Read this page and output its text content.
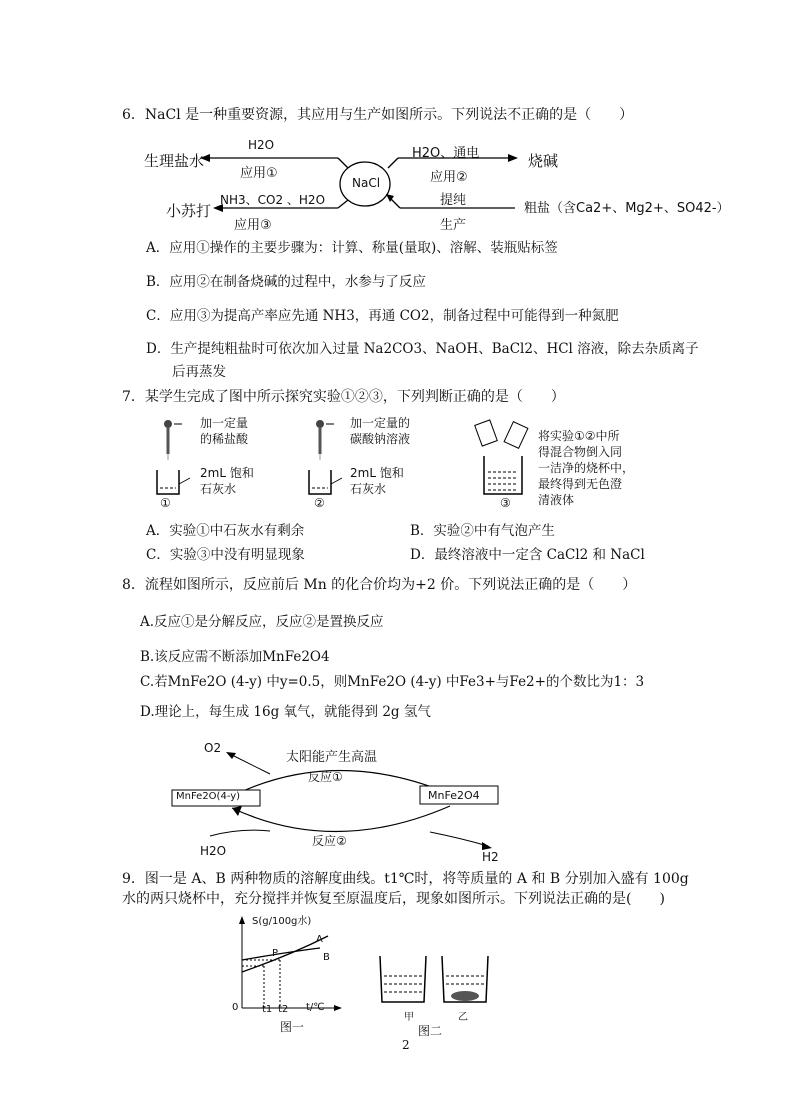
6．NaCl 是一种重要资源，其应用与生产如图所示。下列说法不正确的是（　　）
生理盐水
H2O
应用①
NaCl
小苏打
NH3、CO2 、H2O
应用③
H2O、通电
应用②
烧碱
提纯
生产
粗盐（含Ca2+、Mg2+、SO42-）
A．应用①操作的主要步骤为：计算、称量(量取)、溶解、装瓶贴标签
B．应用②在制备烧碱的过程中，水参与了反应
C．应用③为提高产率应先通 NH3，再通 CO2，制备过程中可能得到一种氮肥
D．生产提纯粗盐时可依次加入过量 Na2CO3、NaOH、BaCl2、HCl 溶液，除去杂质离子
后再蒸发
7．某学生完成了图中所示探究实验①②③，下列判断正确的是（　　）
加一定量
的稀盐酸
2mL 饱和
石灰水
①
加一定量的
碳酸钠溶液
2mL 饱和
石灰水
②
将实验①②中所
得混合物倒入同
一洁净的烧杯中，
最终得到无色澄
清液体
③
A．实验①中石灰水有剩余	B．实验②中有气泡产生
C．实验③中没有明显现象	D．最终溶液中一定含 CaCl2 和 NaCl
8．流程如图所示，反应前后 Mn 的化合价均为+2 价。下列说法正确的是（　　）
A.反应①是分解反应，反应②是置换反应
B.该反应需不断添加MnFe2O4
C.若MnFe2O (4-y) 中y=0.5，则MnFe2O (4-y) 中Fe3+与Fe2+的个数比为1：3
D.理论上，每生成 16g 氧气，就能得到 2g 氢气
太阳能产生高温
反应①
反应②
MnFe2O(4-y)	MnFe2O4
O2
H2O	H2
9．图一是 A、B 两种物质的溶解度曲线。t1℃时，将等质量的 A 和 B 分别加入盛有 100g
水的两只烧杯中，充分搅拌并恢复至原温度后，现象如图所示。下列说法正确的是(　　)
S(g/100g水)
0 t1 t2 t/℃
A
B
P
图一
甲	乙
图二
2
